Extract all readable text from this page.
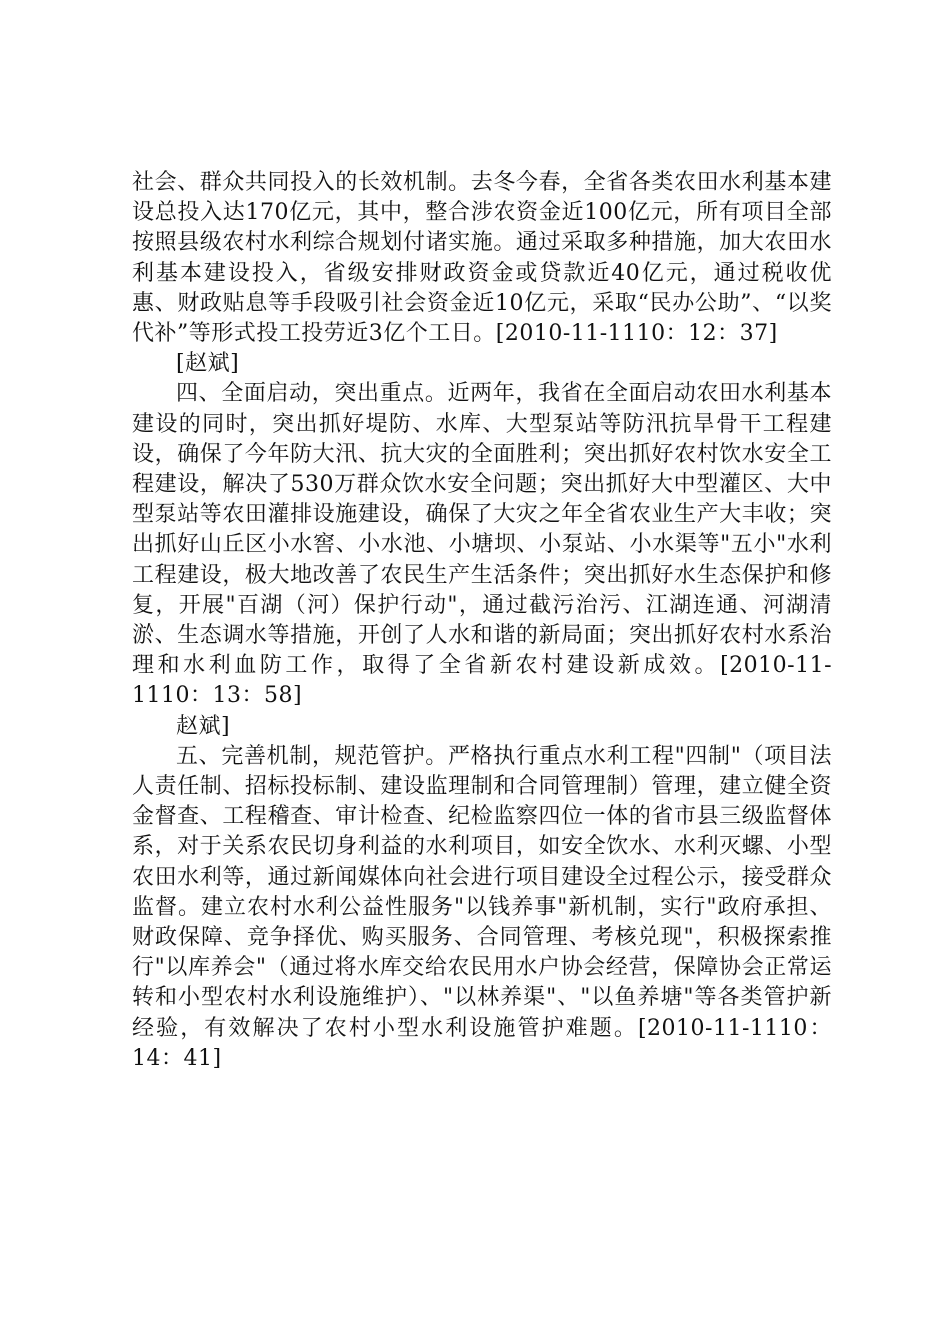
社会、群众共同投入的长效机制。去冬今春，全省各类农田水利基本建设总投入达170亿元，其中，整合涉农资金近100亿元，所有项目全部按照县级农村水利综合规划付诸实施。通过采取多种措施，加大农田水利基本建设投入，省级安排财政资金或贷款近40亿元，通过税收优惠、财政贴息等手段吸引社会资金近10亿元，采取“民办公助”、“以奖代补”等形式投工投劳近3亿个工日。[2010-11-1110：12：37]

[赵斌]

四、全面启动，突出重点。近两年，我省在全面启动农田水利基本建设的同时，突出抓好堤防、水库、大型泵站等防汛抗旱骨干工程建设，确保了今年防大汛、抗大灾的全面胜利；突出抓好农村饮水安全工程建设，解决了530万群众饮水安全问题；突出抓好大中型灌区、大中型泵站等农田灌排设施建设，确保了大灾之年全省农业生产大丰收；突出抓好山丘区小水窖、小水池、小塘坝、小泵站、小水渠等"五小"水利工程建设，极大地改善了农民生产生活条件；突出抓好水生态保护和修复，开展"百湖（河）保护行动"，通过截污治污、江湖连通、河湖清淤、生态调水等措施，开创了人水和谐的新局面；突出抓好农村水系治理和水利血防工作，取得了全省新农村建设新成效。[2010-11-1110：13：58]

赵斌]

五、完善机制，规范管护。严格执行重点水利工程"四制"（项目法人责任制、招标投标制、建设监理制和合同管理制）管理，建立健全资金督查、工程稽查、审计检查、纪检监察四位一体的省市县三级监督体系，对于关系农民切身利益的水利项目，如安全饮水、水利灭螺、小型农田水利等，通过新闻媒体向社会进行项目建设全过程公示，接受群众监督。建立农村水利公益性服务"以钱养事"新机制，实行"政府承担、财政保障、竞争择优、购买服务、合同管理、考核兑现"，积极探索推行"以库养会"（通过将水库交给农民用水户协会经营，保障协会正常运转和小型农村水利设施维护）、"以林养渠"、"以鱼养塘"等各类管护新经验，有效解决了农村小型水利设施管护难题。[2010-11-1110：14：41]
